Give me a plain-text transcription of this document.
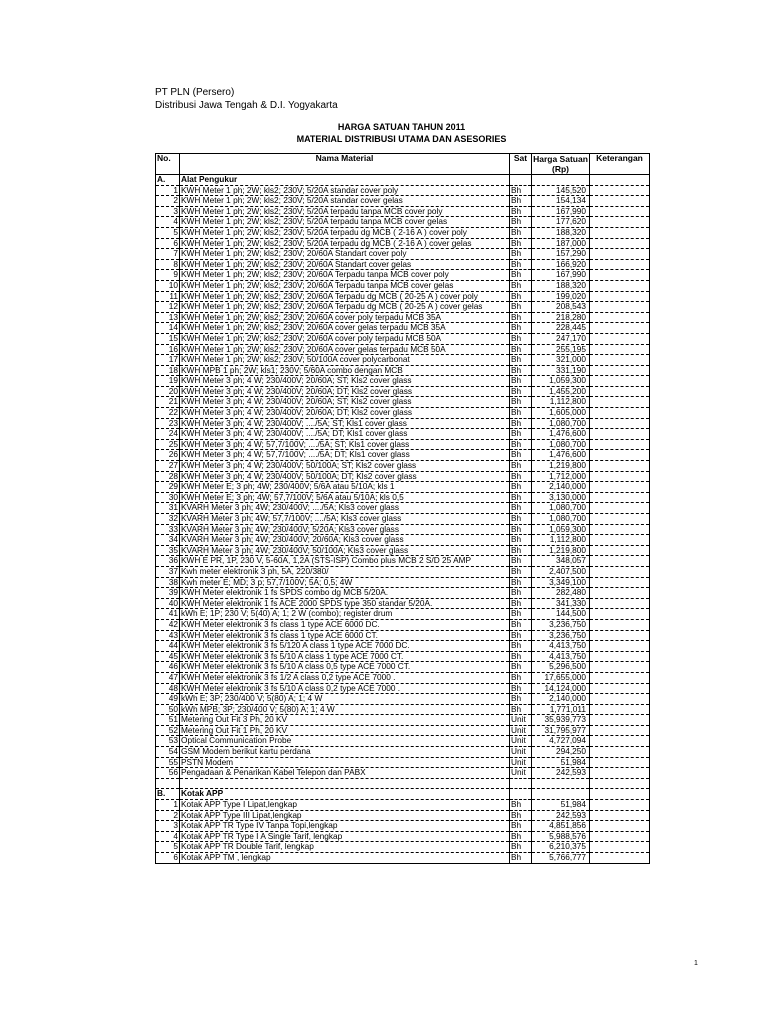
PT PLN (Persero)
Distribusi Jawa Tengah & D.I. Yogyakarta
HARGA SATUAN TAHUN 2011
MATERIAL DISTRIBUSI UTAMA DAN ASESORIES
No.	Nama Material	Sat	Harga Satuan (Rp)	Keterangan
A.	Alat Pengukur			
1	KWH Meter 1 ph; 2W; kls2; 230V; 5/20A standar cover poly	Bh	145,520	
2	KWH Meter 1 ph; 2W; kls2; 230V; 5/20A standar cover gelas	Bh	154,134	
3	KWH Meter 1 ph; 2W; kls2; 230V; 5/20A terpadu tanpa MCB cover poly	Bh	167,990	
4	KWH Meter 1 ph; 2W; kls2; 230V; 5/20A terpadu tanpa MCB cover gelas	Bh	177,620	
5	KWH Meter 1 ph; 2W; kls2; 230V; 5/20A terpadu dg MCB ( 2-16 A ) cover poly	Bh	188,320	
6	KWH Meter 1 ph; 2W; kls2; 230V; 5/20A terpadu dg MCB ( 2-16 A ) cover gelas	Bh	187,000	
7	KWH Meter 1 ph; 2W; kls2; 230V; 20/60A Standart cover poly	Bh	157,290	
8	KWH Meter 1 ph; 2W; kls2; 230V; 20/60A Standart cover gelas	Bh	166,920	
9	KWH Meter 1 ph; 2W; kls2; 230V; 20/60A Terpadu tanpa MCB cover poly	Bh	167,990	
10	KWH Meter 1 ph; 2W; kls2; 230V; 20/60A Terpadu tanpa MCB cover gelas	Bh	188,320	
11	KWH Meter 1 ph; 2W; kls2; 230V; 20/60A Terpadu dg MCB ( 20-25 A ) cover poly	Bh	199,020	
12	KWH Meter 1 ph; 2W; kls2; 230V; 20/60A Terpadu dg MCB ( 20-25 A ) cover gelas	Bh	208,543	
13	KWH Meter 1 ph; 2W; kls2; 230V; 20/60A cover poly terpadu MCB 35A	Bh	218,280	
14	KWH Meter 1 ph; 2W; kls2; 230V; 20/60A cover gelas terpadu MCB 35A	Bh	228,445	
15	KWH Meter 1 ph; 2W; kls2; 230V; 20/60A cover poly terpadu MCB 50A	Bh	247,170	
16	KWH Meter 1 ph; 2W; kls2; 230V; 20/60A cover gelas terpadu MCB 50A	Bh	255,195	
17	KWH Meter 1 ph; 2W; kls2; 230V; 50/100A cover polycarbonat	Bh	321,000	
18	KWH MPB 1 ph; 2W; kls1; 230V; 5/60A combo dengan MCB	Bh	331,190	
19	KWH Meter 3 ph; 4 W; 230/400V; 20/60A; ST; Kls2 cover glass	Bh	1,059,300	
20	KWH Meter 3 ph; 4 W; 230/400V; 20/60A; DT; Kls2 cover glass	Bh	1,455,200	
21	KWH Meter 3 ph; 4 W; 230/400V; 20/60A; ST; Kls2 cover glass	Bh	1,112,800	
22	KWH Meter 3 ph; 4 W; 230/400V; 20/60A; DT; Kls2 cover glass	Bh	1,605,000	
23	KWH Meter 3 ph; 4 W; 230/400V; ..../5A; ST; Kls1 cover glass	Bh	1,080,700	
24	KWH Meter 3 ph; 4 W; 230/400V; ..../5A; DT; Kls1 cover glass	Bh	1,476,600	
25	KWH Meter 3 ph; 4 W; 57,7/100V; ..../5A; ST; Kls1 cover glass	Bh	1,080,700	
26	KWH Meter 3 ph; 4 W; 57,7/100V; ..../5A; DT; Kls1 cover glass	Bh	1,476,600	
27	KWH Meter 3 ph; 4 W; 230/400V; 50/100A; ST; Kls2 cover glass	Bh	1,219,800	
28	KWH Meter 3 ph; 4 W; 230/400V; 50/100A; DT; Kls2 cover glass	Bh	1,712,000	
29	KWH Meter E; 3 ph; 4W; 230/400V; 5/6A atau 5/10A; kls 1	Bh	2,140,000	
30	KWH Meter E; 3 ph; 4W; 57,7/100V; 5/6A atau 5/10A; kls 0,5	Bh	3,130,000	
31	KVARH Meter 3 ph; 4W; 230/400V; ..../5A; Kls3 cover glass	Bh	1,080,700	
32	KVARH Meter 3 ph; 4W; 57,7/100V; ..../5A; Kls3 cover glass	Bh	1,080,700	
33	KVARH Meter 3 ph; 4W; 230/400V; 5/20A; Kls3 cover glass	Bh	1,059,300	
34	KVARH Meter 3 ph; 4W; 230/400V; 20/60A; Kls3 cover glass	Bh	1,112,800	
35	KVARH Meter 3 ph; 4W; 230/400V; 50/100A; Kls3 cover glass	Bh	1,219,800	
36	KWH E PR, 1P, 230 V, 5-60A, 1,2A (STS-ISP) Combo plus MCB 2 S/D 25 AMP	Bh	348,057	
37	Kwh meter elektronik 3 ph, 5A, 220/380/	Bh	2,407,500	
38	Kwh meter E; MD; 3 p; 57,7/100V; 5A; 0,5; 4W	Bh	3,349,100	
39	KWH Meter elektronik 1 fs SPDS combo dg MCB 5/20A.	Bh	282,480	
40	KWH Meter elektronik 1 fs ACE 2000 SPDS type 350 standar 5/20A.	Bh	341,330	
41	kWh E; 1P; 230 V; 5(40) A; 1; 2 W (combo); register drum	Bh	144,500	
42	KWH Meter elektronik 3 fs class 1 type ACE 6000 DC.	Bh	3,236,750	
43	KWH Meter elektronik 3 fs class 1 type ACE 6000 CT.	Bh	3,236,750	
44	KWH Meter elektronik 3 fs 5/120 A class 1 type ACE 7000 DC.	Bh	4,413,750	
45	KWH Meter elektronik 3 fs 5/10 A class 1 type ACE 7000 CT.	Bh	4,413,750	
46	KWH Meter elektronik 3 fs 5/10 A class 0,5 type ACE 7000 CT.	Bh	5,296,500	
47	KWH Meter elektronik 3 fs 1/2 A class 0,2 type ACE 7000 .	Bh	17,655,000	
48	KWH Meter elektronik 3 fs 5/10 A class 0,2 type ACE 7000 .	Bh	14,124,000	
49	kWh E; 3P; 230/400 V; 5(80) A; 1; 4 W	Bh	2,140,000	
50	kWh MPB; 3P; 230/400 V; 5(80) A; 1; 4 W	Bh	1,771,011	
51	Metering Out Fit 3 Ph, 20 KV	Unit	35,939,773	
52	Metering Out Fit 1 Ph, 20 KV	Unit	31,795,977	
53	Optical Communication Probe	Unit	4,727,094	
54	GSM Modem berikut kartu perdana	Unit	294,250	
55	PSTN Modem	Unit	51,984	
56	Pengadaan & Penarikan Kabel Telepon dan PABX	Unit	242,593	

B.	Kotak APP			
1	Kotak APP Type I Lipat,lengkap	Bh	51,984	
2	Kotak APP Type III Lipat,lengkap	Bh	242,593	
3	Kotak APP TR Type IV Tanpa Topi,lengkap	Bh	4,851,856	
4	Kotak APP TR Type I A Single Tarif, lengkap	Bh	5,988,576	
5	Kotak APP TR Double Tarif, lengkap	Bh	6,210,375	
6	Kotak APP TM , lengkap	Bh	5,766,777	
1
